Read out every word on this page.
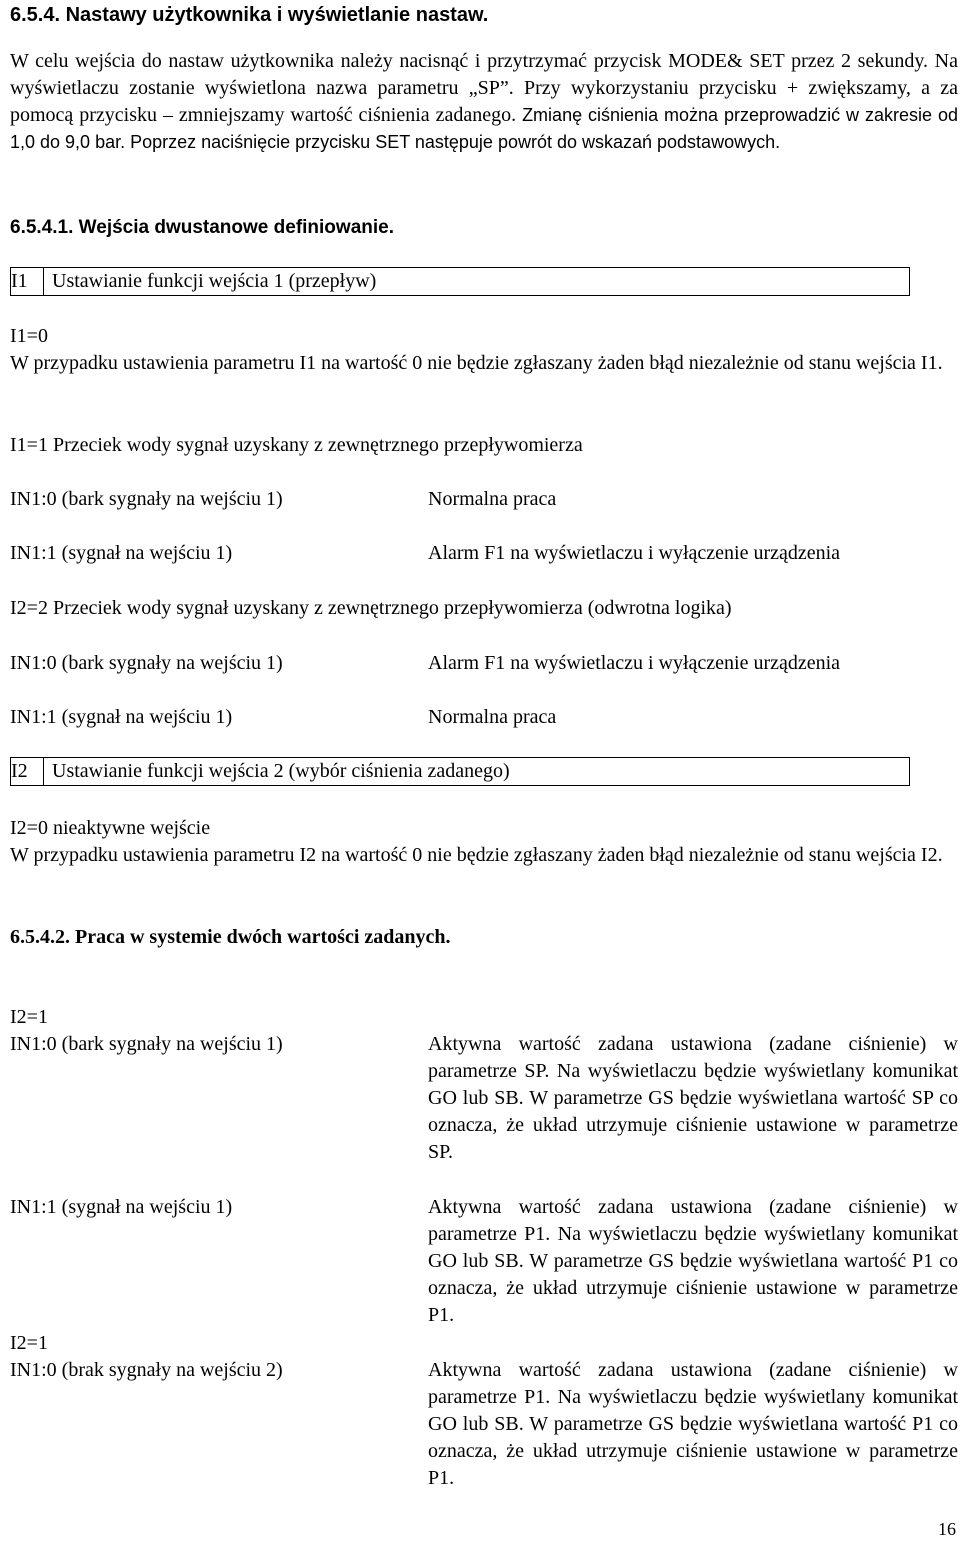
6.5.4. Nastawy użytkownika i wyświetlanie nastaw.
W celu wejścia do nastaw użytkownika należy nacisnąć i przytrzymać przycisk MODE& SET przez 2 sekundy. Na wyświetlaczu zostanie wyświetlona nazwa parametru „SP”. Przy wykorzystaniu przycisku + zwiększamy, a za pomocą przycisku – zmniejszamy wartość ciśnienia zadanego. Zmianę ciśnienia można przeprowadzić w zakresie od 1,0 do 9,0 bar. Poprzez naciśnięcie przycisku SET następuje powrót do wskazań podstawowych.
6.5.4.1. Wejścia dwustanowe definiowanie.
I1	Ustawianie funkcji wejścia 1 (przepływ)
I1=0
W przypadku ustawienia parametru I1 na wartość 0 nie będzie zgłaszany żaden błąd niezależnie od stanu wejścia I1.
I1=1 Przeciek wody sygnał uzyskany z zewnętrznego przepływomierza
IN1:0 (bark sygnały na wejściu 1)	Normalna praca
IN1:1 (sygnał na wejściu 1)	Alarm F1 na wyświetlaczu i wyłączenie urządzenia
I2=2 Przeciek wody sygnał uzyskany z zewnętrznego przepływomierza (odwrotna logika)
IN1:0 (bark sygnały na wejściu 1)	Alarm F1 na wyświetlaczu i wyłączenie urządzenia
IN1:1 (sygnał na wejściu 1)	Normalna praca
I2	Ustawianie funkcji wejścia 2 (wybór ciśnienia zadanego)
I2=0 nieaktywne wejście
W przypadku ustawienia parametru I2 na wartość 0 nie będzie zgłaszany żaden błąd niezależnie od stanu wejścia I2.
6.5.4.2. Praca w systemie dwóch wartości zadanych.
I2=1
IN1:0 (bark sygnały na wejściu 1)	Aktywna wartość zadana ustawiona (zadane ciśnienie) w parametrze SP. Na wyświetlaczu będzie wyświetlany komunikat GO lub SB. W parametrze GS będzie wyświetlana wartość SP co oznacza, że układ utrzymuje ciśnienie ustawione w parametrze SP.
IN1:1 (sygnał na wejściu 1)	Aktywna wartość zadana ustawiona (zadane ciśnienie) w parametrze P1. Na wyświetlaczu będzie wyświetlany komunikat GO lub SB. W parametrze GS będzie wyświetlana wartość P1 co oznacza, że układ utrzymuje ciśnienie ustawione w parametrze P1.
I2=1
IN1:0 (brak sygnały na wejściu 2)	Aktywna wartość zadana ustawiona (zadane ciśnienie) w parametrze P1. Na wyświetlaczu będzie wyświetlany komunikat GO lub SB. W parametrze GS będzie wyświetlana wartość P1 co oznacza, że układ utrzymuje ciśnienie ustawione w parametrze P1.
16
